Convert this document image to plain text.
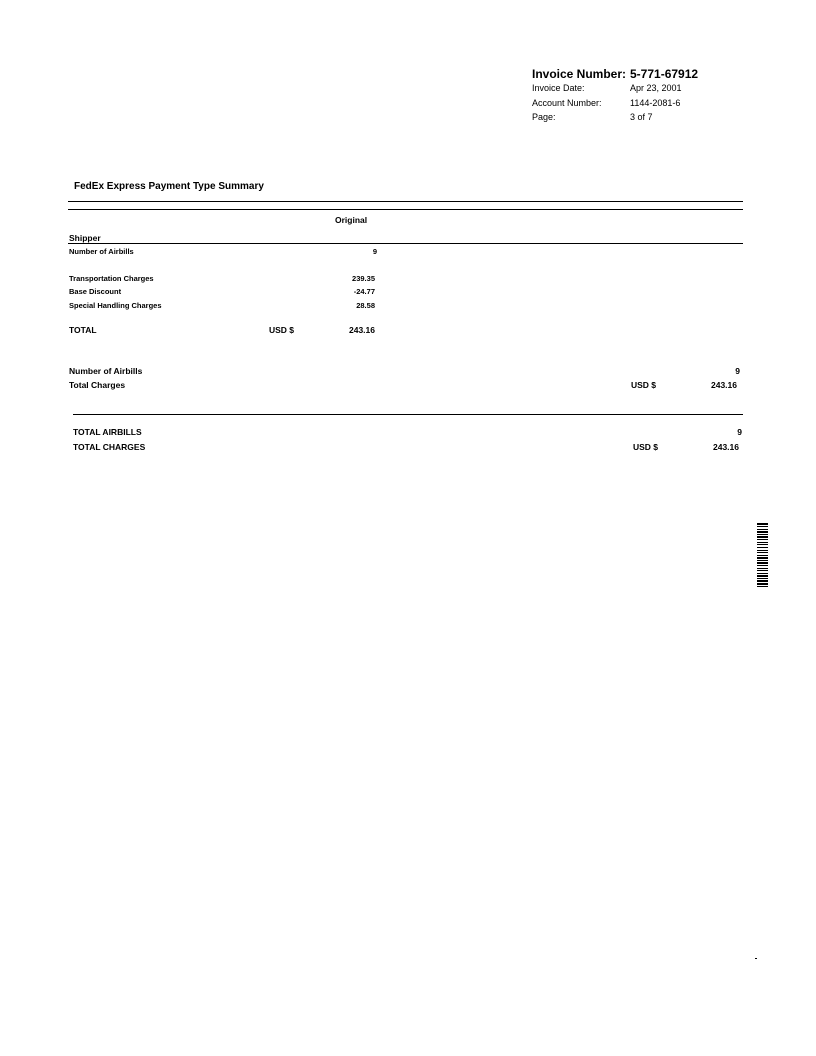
Invoice Number: 5-771-67912
Invoice Date:	Apr 23, 2001
Account Number:	1144-2081-6
Page:	3 of 7
FedEx Express Payment Type Summary
Original
Shipper
Number of Airbills	9
Transportation Charges	239.35
Base Discount	-24.77
Special Handling Charges	28.58
TOTAL	USD $	243.16
Number of Airbills	9
Total Charges	USD $	243.16
TOTAL AIRBILLS	9
TOTAL CHARGES	USD $	243.16
